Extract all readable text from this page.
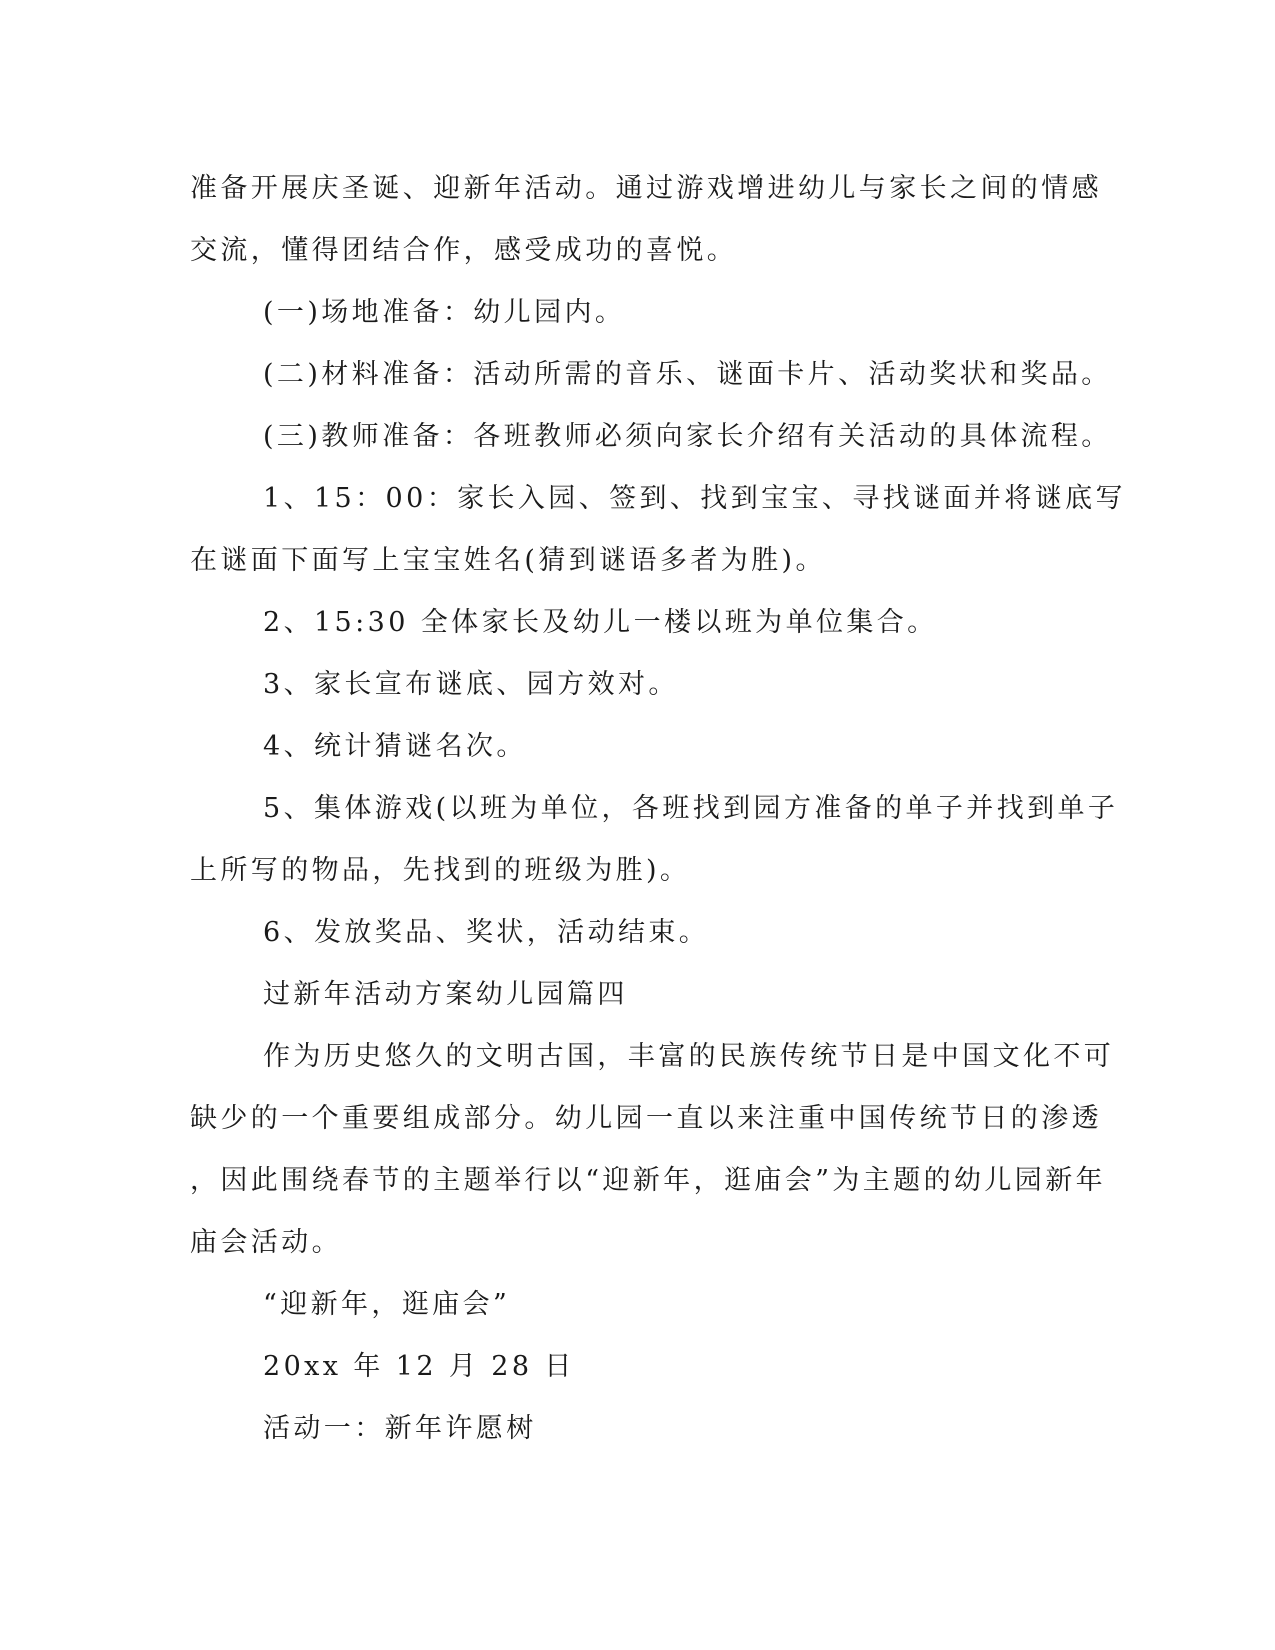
准备开展庆圣诞、迎新年活动。通过游戏增进幼儿与家长之间的情感
交流，懂得团结合作，感受成功的喜悦。

(一)场地准备：幼儿园内。

(二)材料准备：活动所需的音乐、谜面卡片、活动奖状和奖品。

(三)教师准备：各班教师必须向家长介绍有关活动的具体流程。

1、15：00：家长入园、签到、找到宝宝、寻找谜面并将谜底写
在谜面下面写上宝宝姓名(猜到谜语多者为胜)。

2、15:30 全体家长及幼儿一楼以班为单位集合。

3、家长宣布谜底、园方效对。

4、统计猜谜名次。

5、集体游戏(以班为单位，各班找到园方准备的单子并找到单子
上所写的物品，先找到的班级为胜)。

6、发放奖品、奖状，活动结束。

过新年活动方案幼儿园篇四

作为历史悠久的文明古国，丰富的民族传统节日是中国文化不可
缺少的一个重要组成部分。幼儿园一直以来注重中国传统节日的渗透
，因此围绕春节的主题举行以“迎新年，逛庙会”为主题的幼儿园新年
庙会活动。

“迎新年，逛庙会”

20xx 年 12 月 28 日

活动一：新年许愿树
